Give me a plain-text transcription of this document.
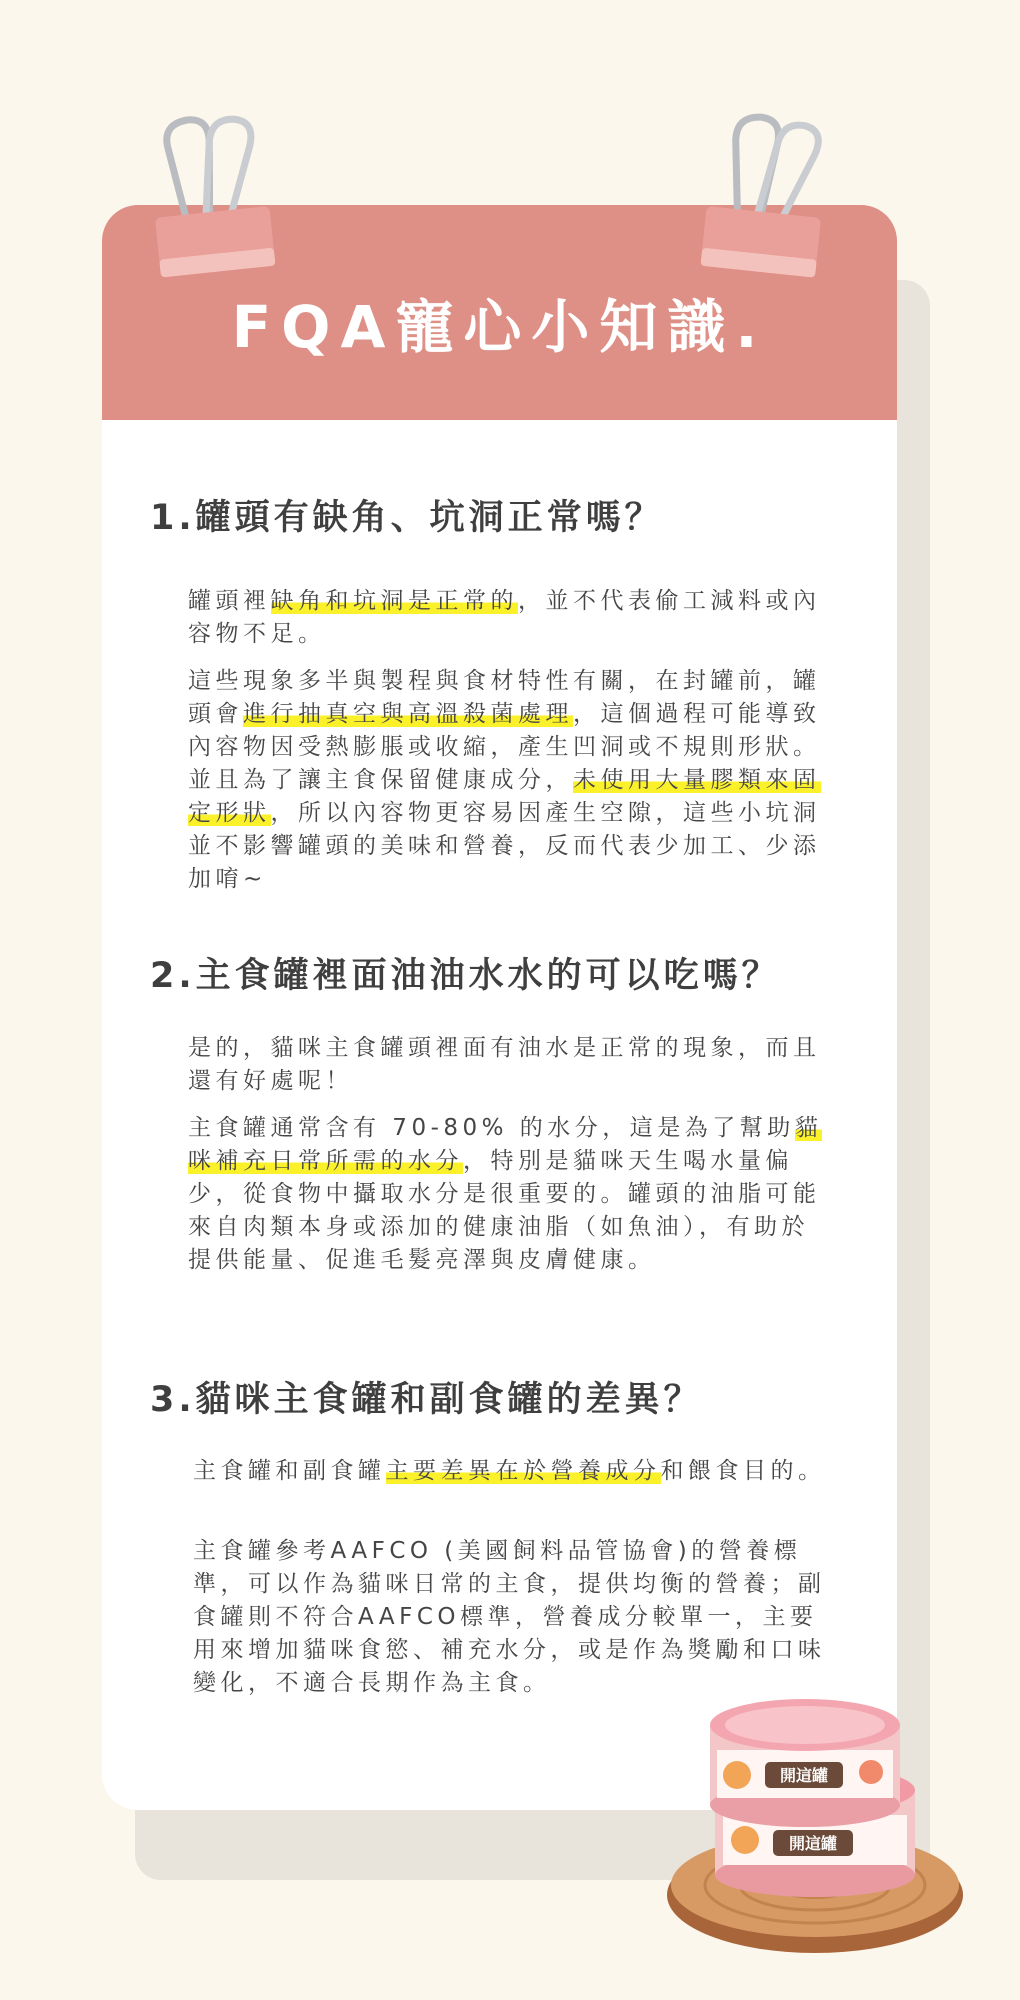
FQA寵心小知識.
1.罐頭有缺角、坑洞正常嗎？

罐頭裡缺角和坑洞是正常的，並不代表偷工減料或內容物不足。

這些現象多半與製程與食材特性有關，在封罐前，罐頭會進行抽真空與高溫殺菌處理，這個過程可能導致內容物因受熱膨脹或收縮，產生凹洞或不規則形狀。並且為了讓主食保留健康成分，未使用大量膠類來固定形狀，所以內容物更容易因產生空隙，這些小坑洞並不影響罐頭的美味和營養，反而代表少加工、少添加唷~

2.主食罐裡面油油水水的可以吃嗎？

是的，貓咪主食罐頭裡面有油水是正常的現象，而且還有好處呢！

主食罐通常含有 70-80% 的水分，這是為了幫助貓咪補充日常所需的水分，特別是貓咪天生喝水量偏少，從食物中攝取水分是很重要的。罐頭的油脂可能來自肉類本身或添加的健康油脂（如魚油），有助於提供能量、促進毛髮亮澤與皮膚健康。

3.貓咪主食罐和副食罐的差異？

主食罐和副食罐主要差異在於營養成分和餵食目的。

主食罐參考AAFCO (美國飼料品管協會)的營養標準，可以作為貓咪日常的主食，提供均衡的營養；副食罐則不符合AAFCO標準，營養成分較單一，主要用來增加貓咪食慾、補充水分，或是作為獎勵和口味變化，不適合長期作為主食。

開這罐
開這罐
